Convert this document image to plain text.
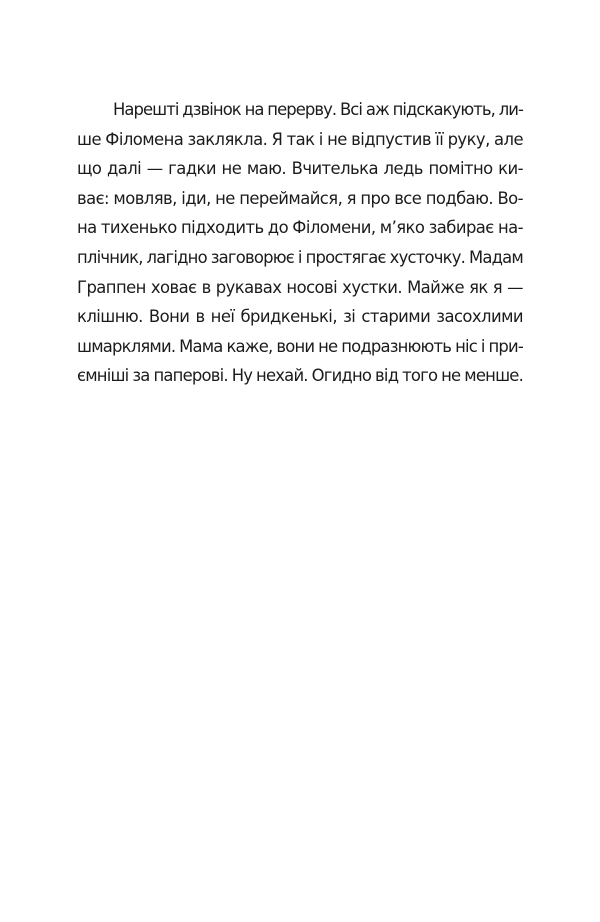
Нарешті дзвінок на перерву. Всі аж підскакують, ли-
ше Філомена заклякла. Я так і не відпустив її руку, але
що далі — гадки не маю. Вчителька ледь помітно ки-
ває: мовляв, іди, не переймайся, я про все подбаю. Во-
на тихенько підходить до Філомени, м’яко забирає на-
плічник, лагідно заговорює і простягає хусточку. Мадам
Граппен ховає в рукавах носові хустки. Майже як я —
клішню. Вони в неї бридкенькі, зі старими засохлими
шмарклями. Мама каже, вони не подразнюють ніс і при-
ємніші за паперові. Ну нехай. Огидно від того не менше.
